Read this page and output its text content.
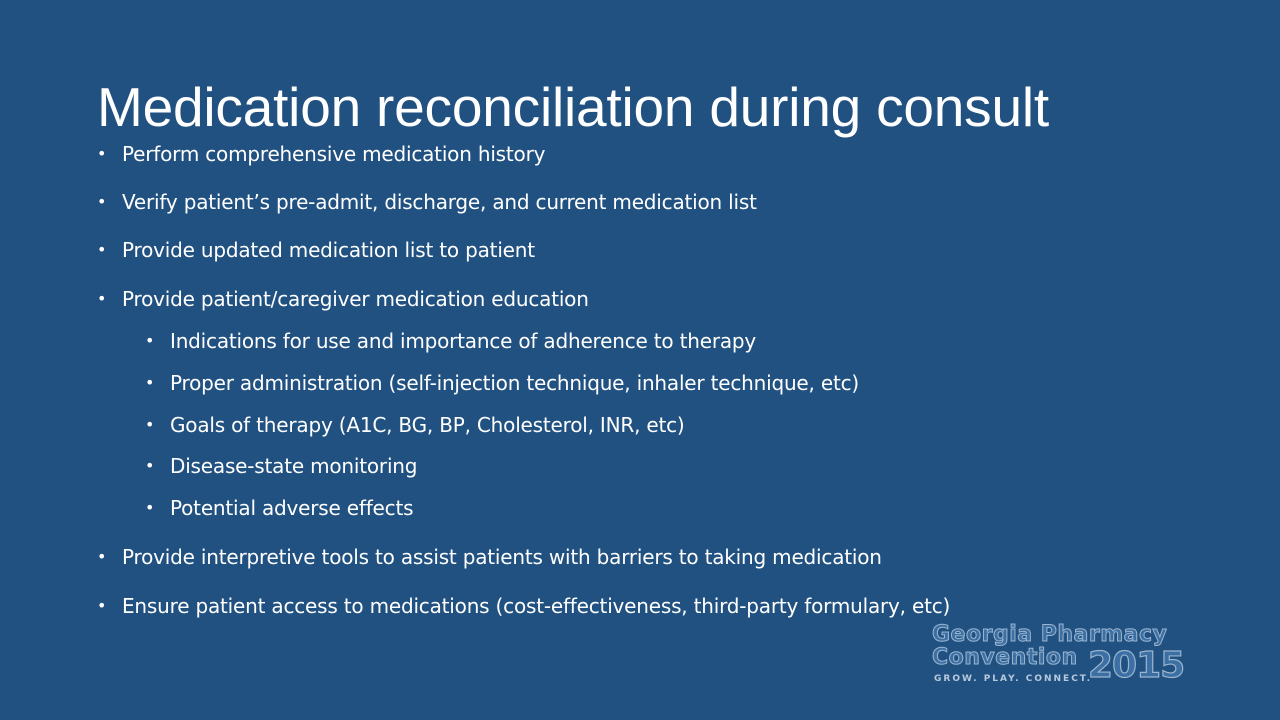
Medication reconciliation during consult
• Perform comprehensive medication history
• Verify patient’s pre-admit, discharge, and current medication list
• Provide updated medication list to patient
• Provide patient/caregiver medication education
• Indications for use and importance of adherence to therapy
• Proper administration (self-injection technique, inhaler technique, etc)
• Goals of therapy (A1C, BG, BP, Cholesterol, INR, etc)
• Disease-state monitoring
• Potential adverse effects
• Provide interpretive tools to assist patients with barriers to taking medication
• Ensure patient access to medications (cost-effectiveness, third-party formulary, etc)
Georgia Pharmacy
Convention 2015
GROW. PLAY. CONNECT.
